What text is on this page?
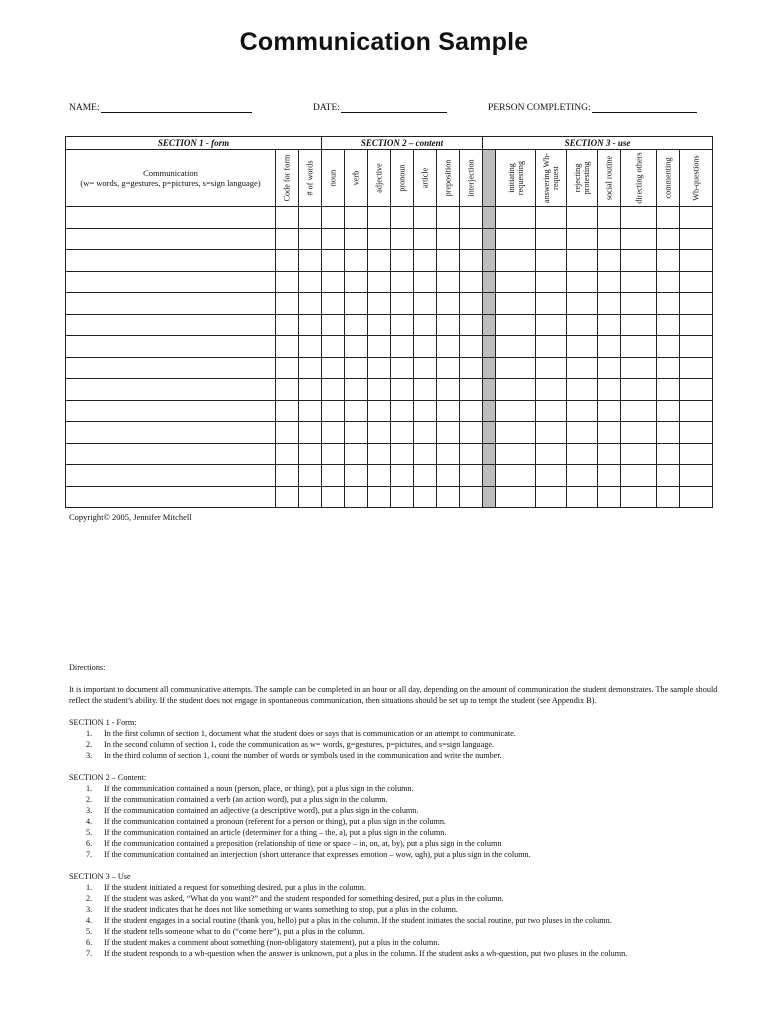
Communication Sample
NAME:	DATE:	PERSON COMPLETING:
SECTION 1 - form			SECTION 2 – content							SECTION 3 - use							

Communication
(w= words, g=gestures, p=pictures, s=sign language)	Code for form	# of words	noun	verb	adjective	pronoun	article	preposition	interjection		initiating requesting	answering Wh-request	rejecting protesting	social routine	directing others	commenting	Wh-questions

Copyright© 2005, Jennifer Mitchell

Directions:

It is important to document all communicative attempts. The sample can be completed in an hour or all day, depending on the amount of communication the student demonstrates. The sample should reflect the student’s ability. If the student does not engage in spontaneous communication, then situations should be set up to tempt the student (see Appendix B).

SECTION 1 - Form:

1. In the first column of section 1, document what the student does or says that is communication or an attempt to communicate.
2. In the second column of section 1, code the communication as w= words, g=gestures, p=pictures, and s=sign language.
3. In the third column of section 1, count the number of words or symbols used in the communication and write the number.

SECTION 2 – Content:

1. If the communication contained a noun (person, place, or thing), put a plus sign in the column.
2. If the communication contained a verb (an action word), put a plus sign in the column.
3. If the communication contained an adjective (a descriptive word), put a plus sign in the column.
4. If the communication contained a pronoun (referent for a person or thing), put a plus sign in the column.
5. If the communication contained an article (determiner for a thing – the, a), put a plus sign in the column.
6. If the communication contained a preposition (relationship of time or space – in, on, at, by), put a plus sign in the column
7. If the communication contained an interjection (short utterance that expresses emotion – wow, ugh), put a plus sign in the column.

SECTION 3 – Use

1. If the student initiated a request for something desired, put a plus in the column.
2. If the student was asked, “What do you want?” and the student responded for something desired, put a plus in the column.
3. If the student indicates that he does not like something or wants something to stop, put a plus in the column.
4. If the student engages in a social routine (thank you, hello) put a plus in the column. If the student initiates the social routine, put two pluses in the column.
5. If the student tells someone what to do (“come here”), put a plus in the column.
6. If the student makes a comment about something (non-obligatory statement), put a plus in the column.
7. If the student responds to a wh-question when the answer is unknown, put a plus in the column. If the student asks a wh-question, put two pluses in the column.
